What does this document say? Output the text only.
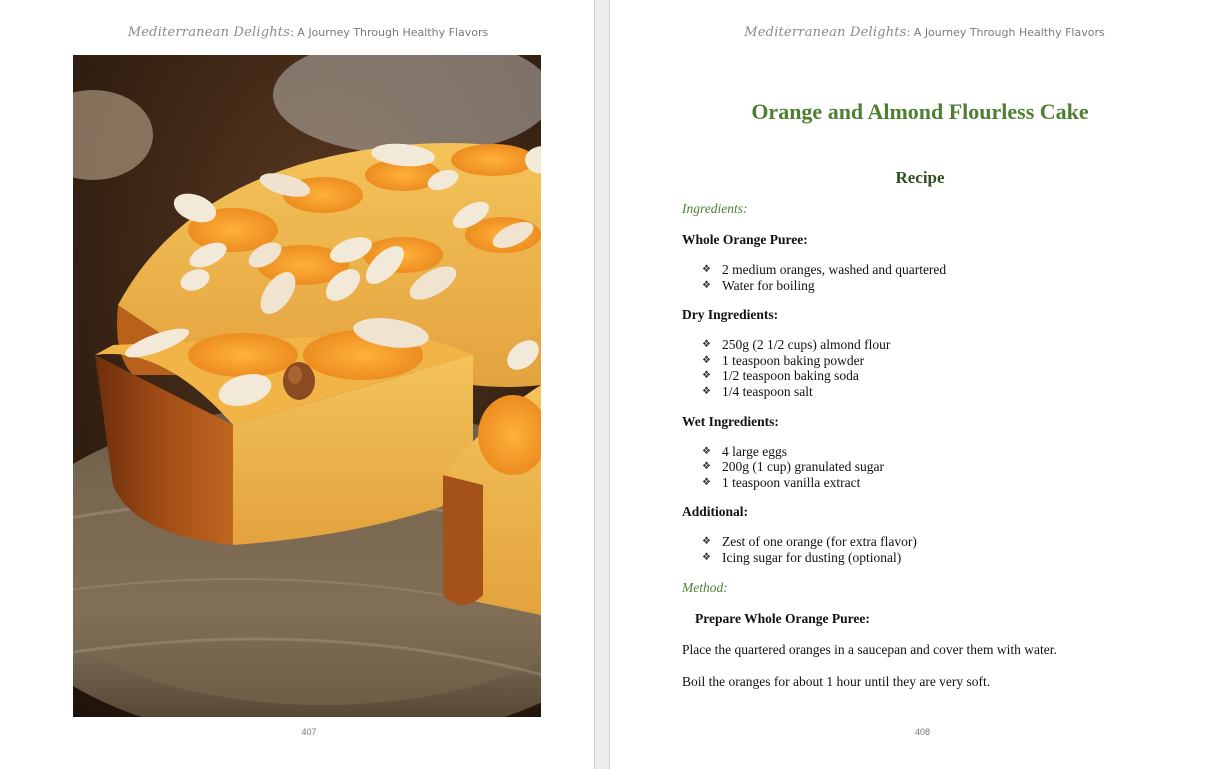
Mediterranean Delights: A Journey Through Healthy Flavors
407
Mediterranean Delights: A Journey Through Healthy Flavors
Orange and Almond Flourless Cake
Recipe
Ingredients:
Whole Orange Puree:
❖ 2 medium oranges, washed and quartered
❖ Water for boiling
Dry Ingredients:
❖ 250g (2 1/2 cups) almond flour
❖ 1 teaspoon baking powder
❖ 1/2 teaspoon baking soda
❖ 1/4 teaspoon salt
Wet Ingredients:
❖ 4 large eggs
❖ 200g (1 cup) granulated sugar
❖ 1 teaspoon vanilla extract
Additional:
❖ Zest of one orange (for extra flavor)
❖ Icing sugar for dusting (optional)
Method:
Prepare Whole Orange Puree:

Place the quartered oranges in a saucepan and cover them with water.

Boil the oranges for about 1 hour until they are very soft.

408
